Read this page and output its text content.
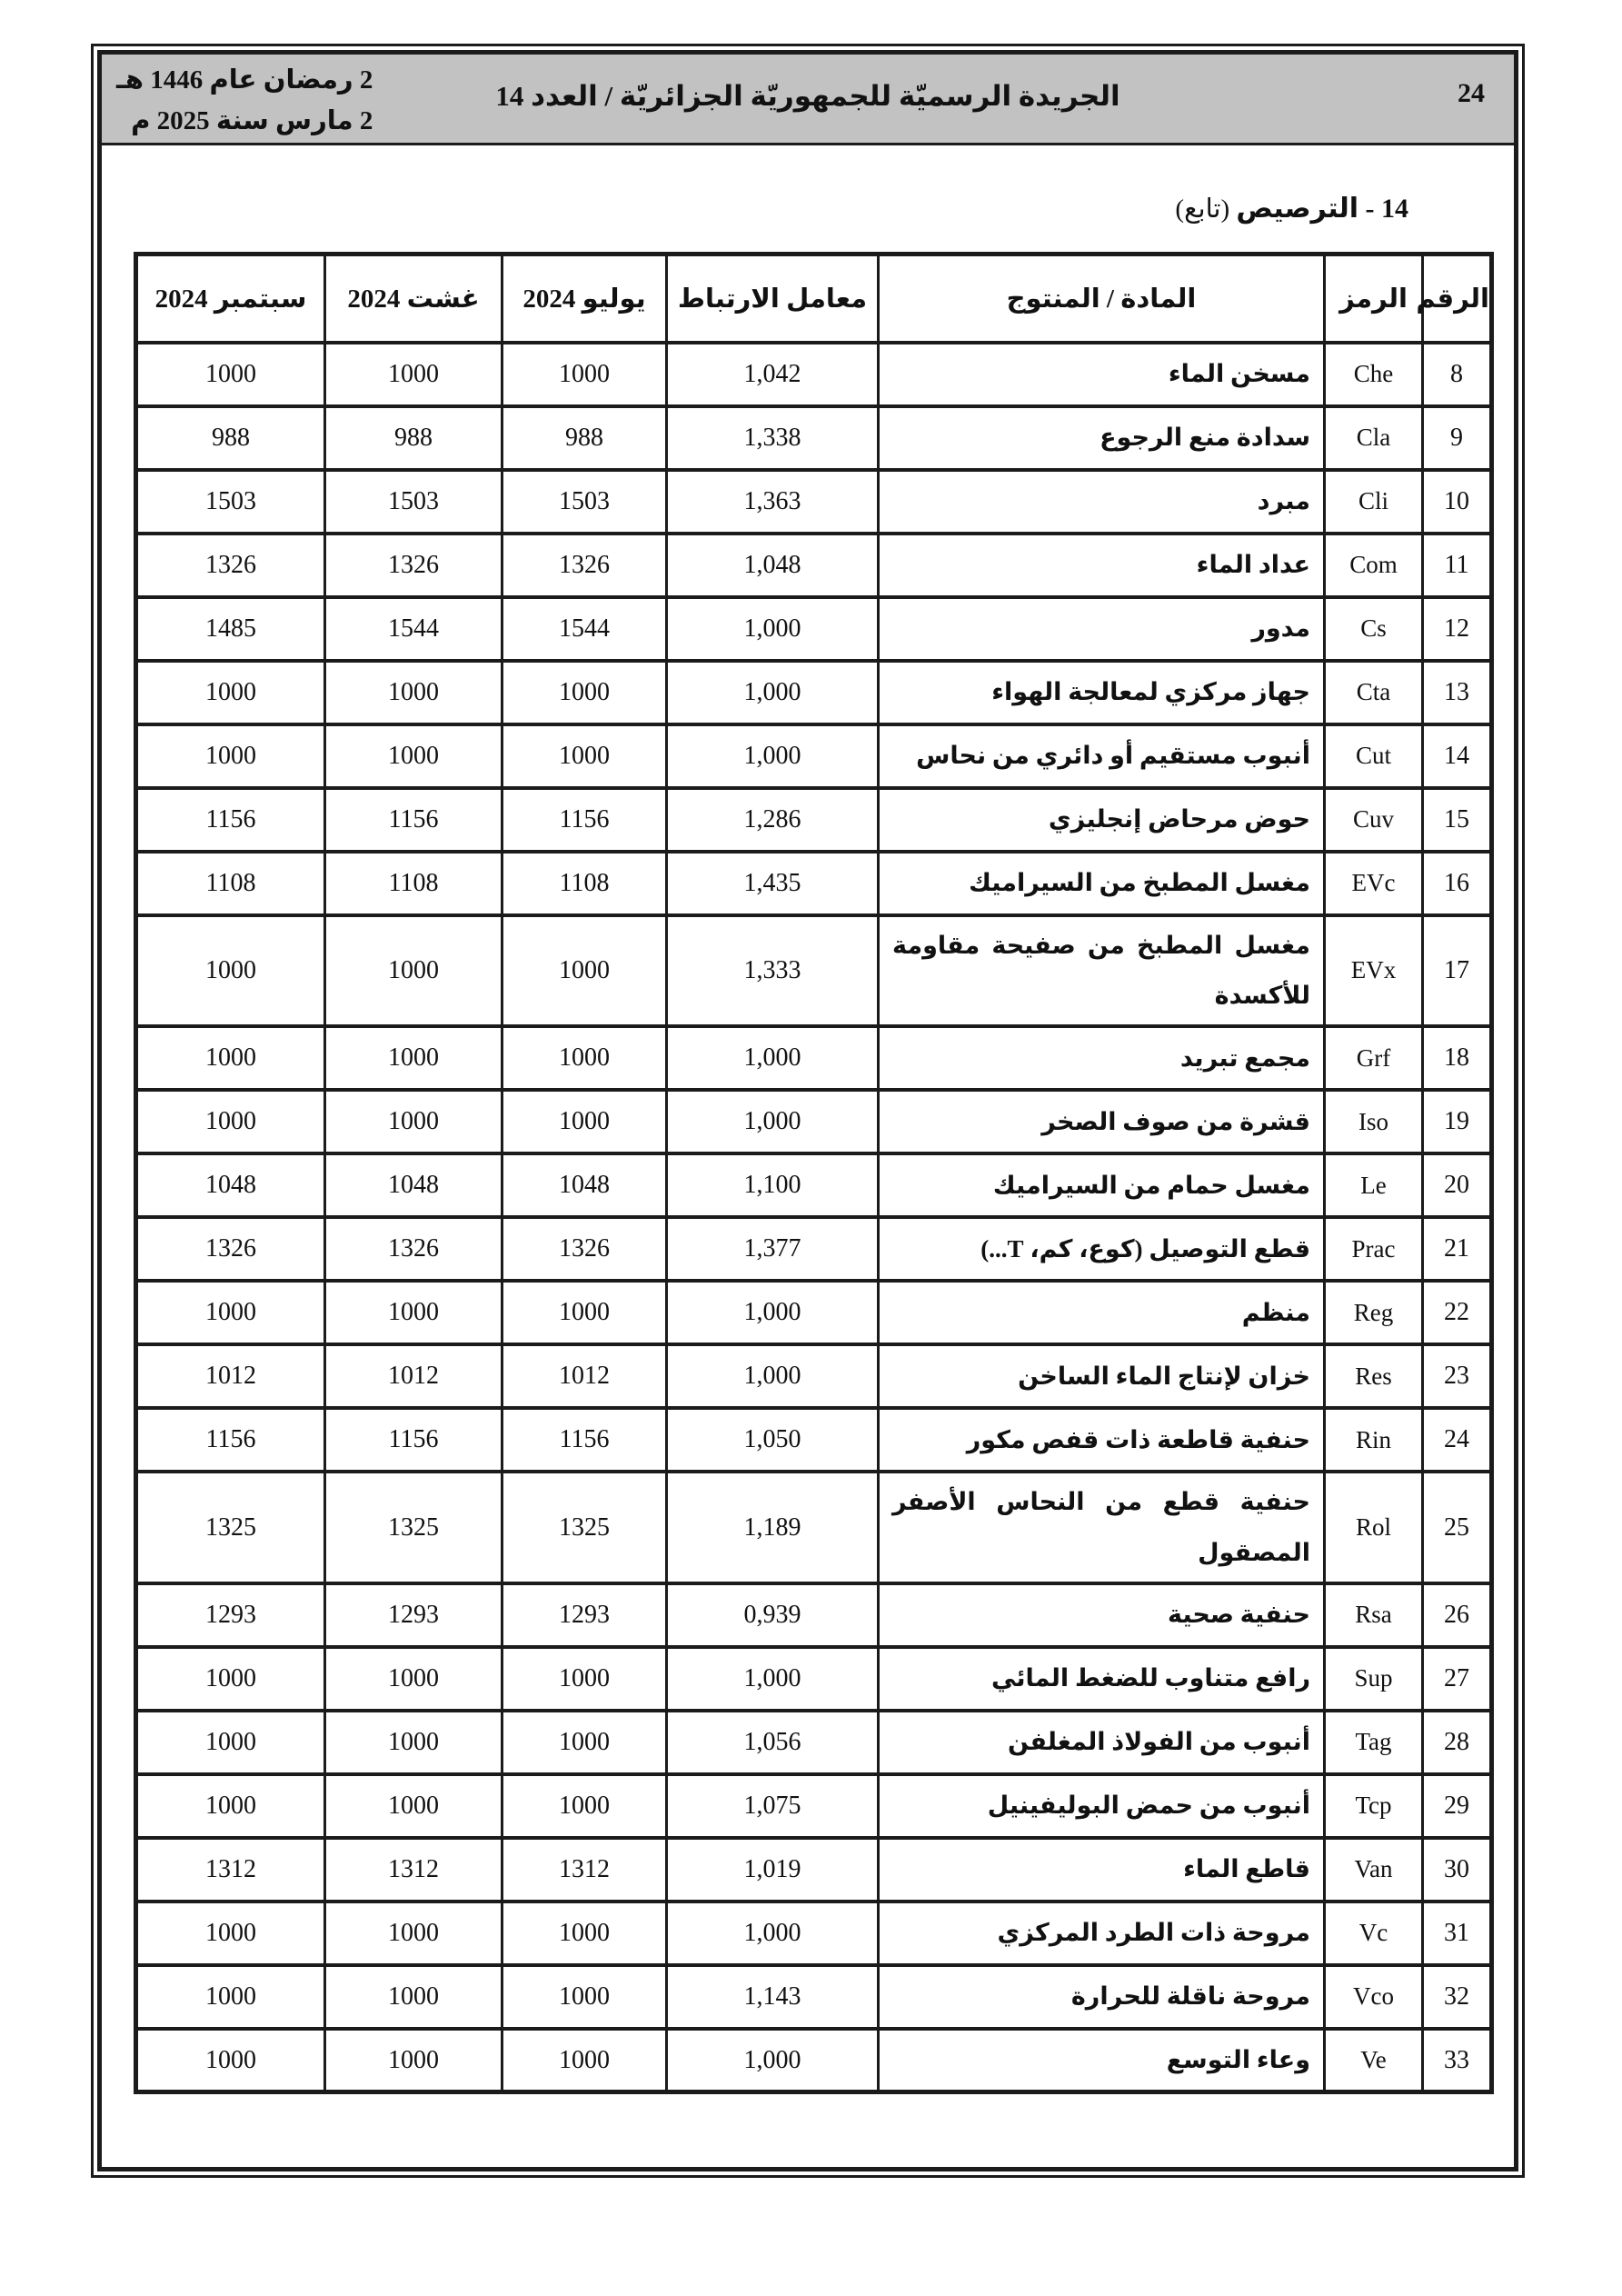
2 رمضان عام 1446 هـ
2 مارس سنة 2025 م
الجريدة الرسميّة للجمهوريّة الجزائريّة / العدد 14	24
14 - الترصيص (تابع)
الرقم	الرمز	المادة / المنتوج	معامل الارتباط	يوليو 2024	غشت 2024	سبتمبر 2024
8	Che	مسخن الماء	1,042	1000	1000	1000
9	Cla	سدادة منع الرجوع	1,338	988	988	988
10	Cli	مبرد	1,363	1503	1503	1503
11	Com	عداد الماء	1,048	1326	1326	1326
12	Cs	مدور	1,000	1544	1544	1485
13	Cta	جهاز مركزي لمعالجة الهواء	1,000	1000	1000	1000
14	Cut	أنبوب مستقيم أو دائري من نحاس	1,000	1000	1000	1000
15	Cuv	حوض مرحاض إنجليزي	1,286	1156	1156	1156
16	EVc	مغسل المطبخ من السيراميك	1,435	1108	1108	1108
17	EVx	مغسل المطبخ من صفيحة مقاومة للأكسدة	1,333	1000	1000	1000
18	Grf	مجمع تبريد	1,000	1000	1000	1000
19	Iso	قشرة من صوف الصخر	1,000	1000	1000	1000
20	Le	مغسل حمام من السيراميك	1,100	1048	1048	1048
21	Prac	قطع التوصيل (كوع، كم، T...)	1,377	1326	1326	1326
22	Reg	منظم	1,000	1000	1000	1000
23	Res	خزان لإنتاج الماء الساخن	1,000	1012	1012	1012
24	Rin	حنفية قاطعة ذات قفص مكور	1,050	1156	1156	1156
25	Rol	حنفية قطع من النحاس الأصفر المصقول	1,189	1325	1325	1325
26	Rsa	حنفية صحية	0,939	1293	1293	1293
27	Sup	رافع متناوب للضغط المائي	1,000	1000	1000	1000
28	Tag	أنبوب من الفولاذ المغلفن	1,056	1000	1000	1000
29	Tcp	أنبوب من حمض البوليفينيل	1,075	1000	1000	1000
30	Van	قاطع الماء	1,019	1312	1312	1312
31	Vc	مروحة ذات الطرد المركزي	1,000	1000	1000	1000
32	Vco	مروحة ناقلة للحرارة	1,143	1000	1000	1000
33	Ve	وعاء التوسع	1,000	1000	1000	1000
